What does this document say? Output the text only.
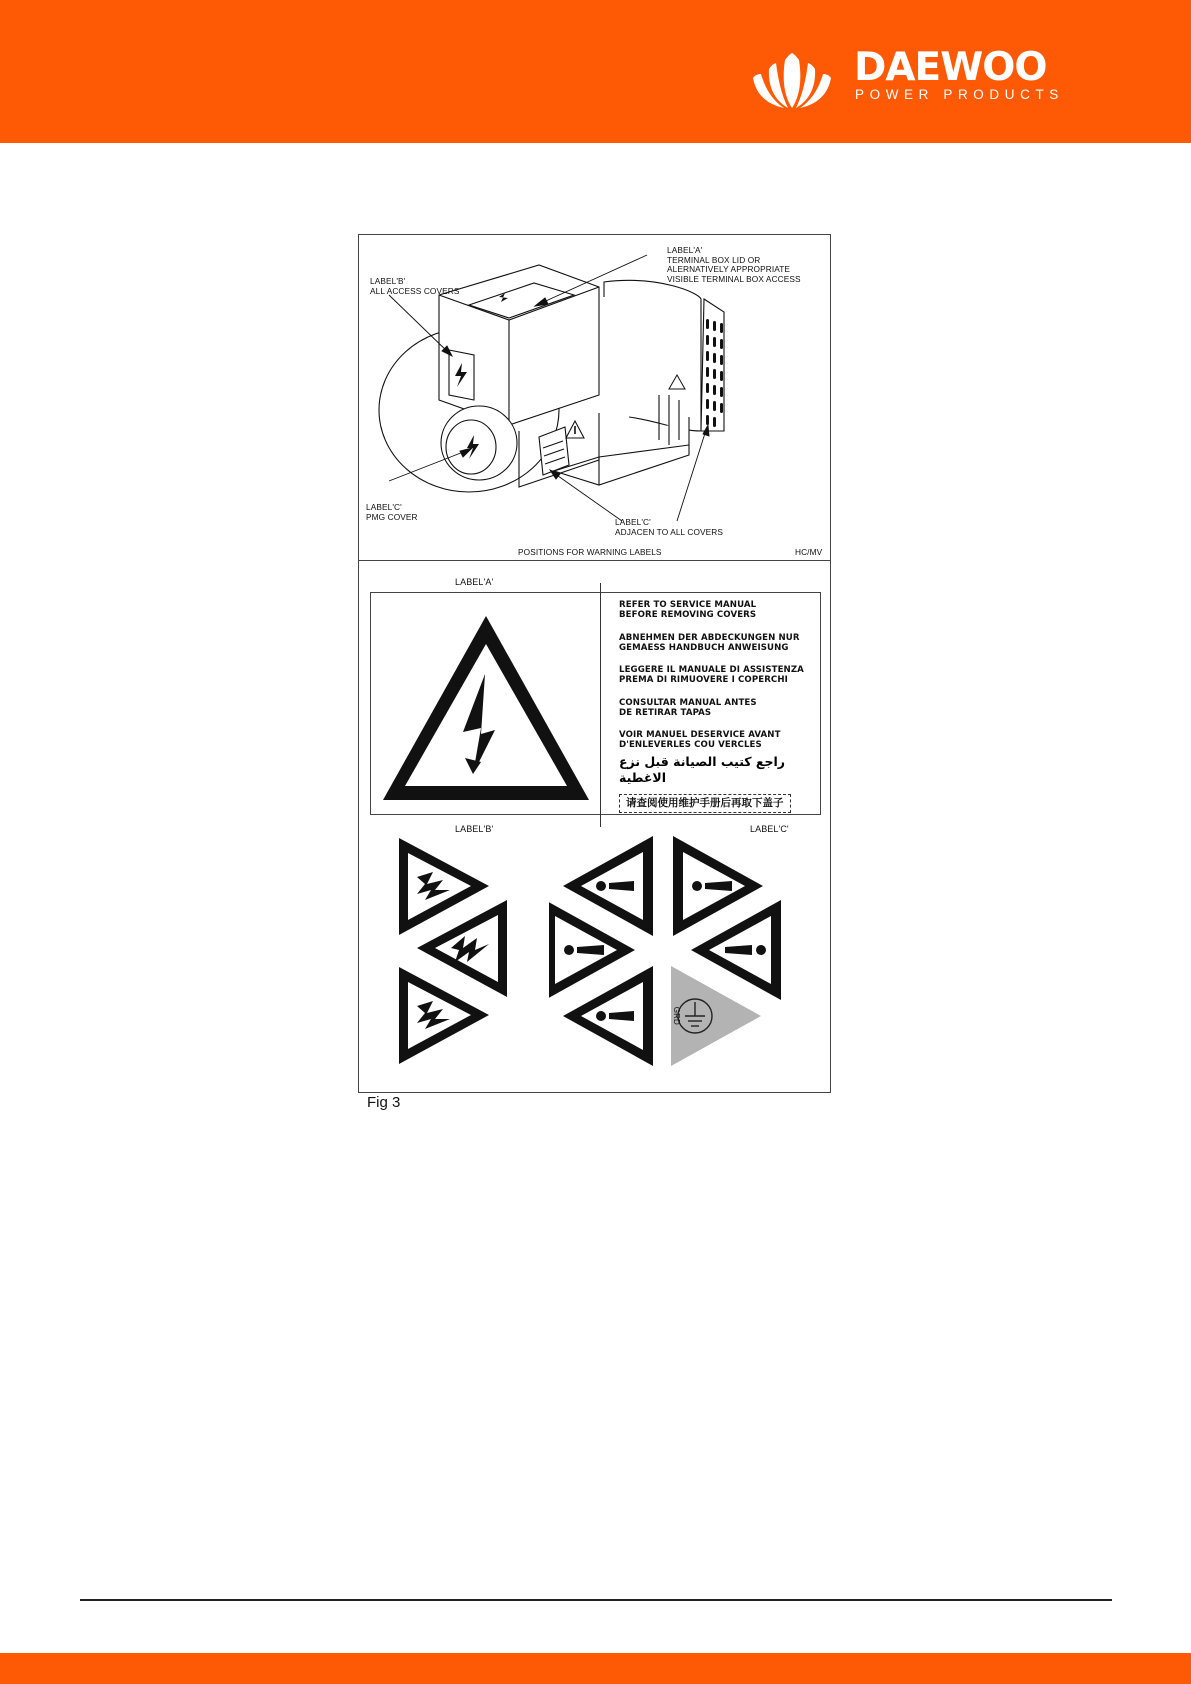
DAEWOO
POWER PRODUCTS
LABEL'A'
TERMINAL BOX LID OR
ALERNATIVELY APPROPRIATE
VISIBLE TERMINAL BOX ACCESS
LABEL'B'
ALL ACCESS COVERS
LABEL'C'
PMG COVER
LABEL'C'
ADJACEN TO ALL COVERS
POSITIONS FOR WARNING LABELS	HC/MV
LABEL'A'
REFER TO SERVICE MANUAL
BEFORE REMOVING COVERS
ABNEHMEN DER ABDECKUNGEN NUR
GEMAESS HANDBUCH ANWEISUNG
LEGGERE IL MANUALE DI ASSISTENZA
PREMA DI RIMUOVERE I COPERCHI
CONSULTAR MANUAL ANTES
DE RETIRAR TAPAS
VOIR MANUEL DESERVICE AVANT
D'ENLEVERLES COU VERCLES
راجع كتيب الصيانة قبل نزع الاغطية
请查阅使用维护手册后再取下盖子
LABEL'B'	LABEL'C'
GRD
Fig 3
